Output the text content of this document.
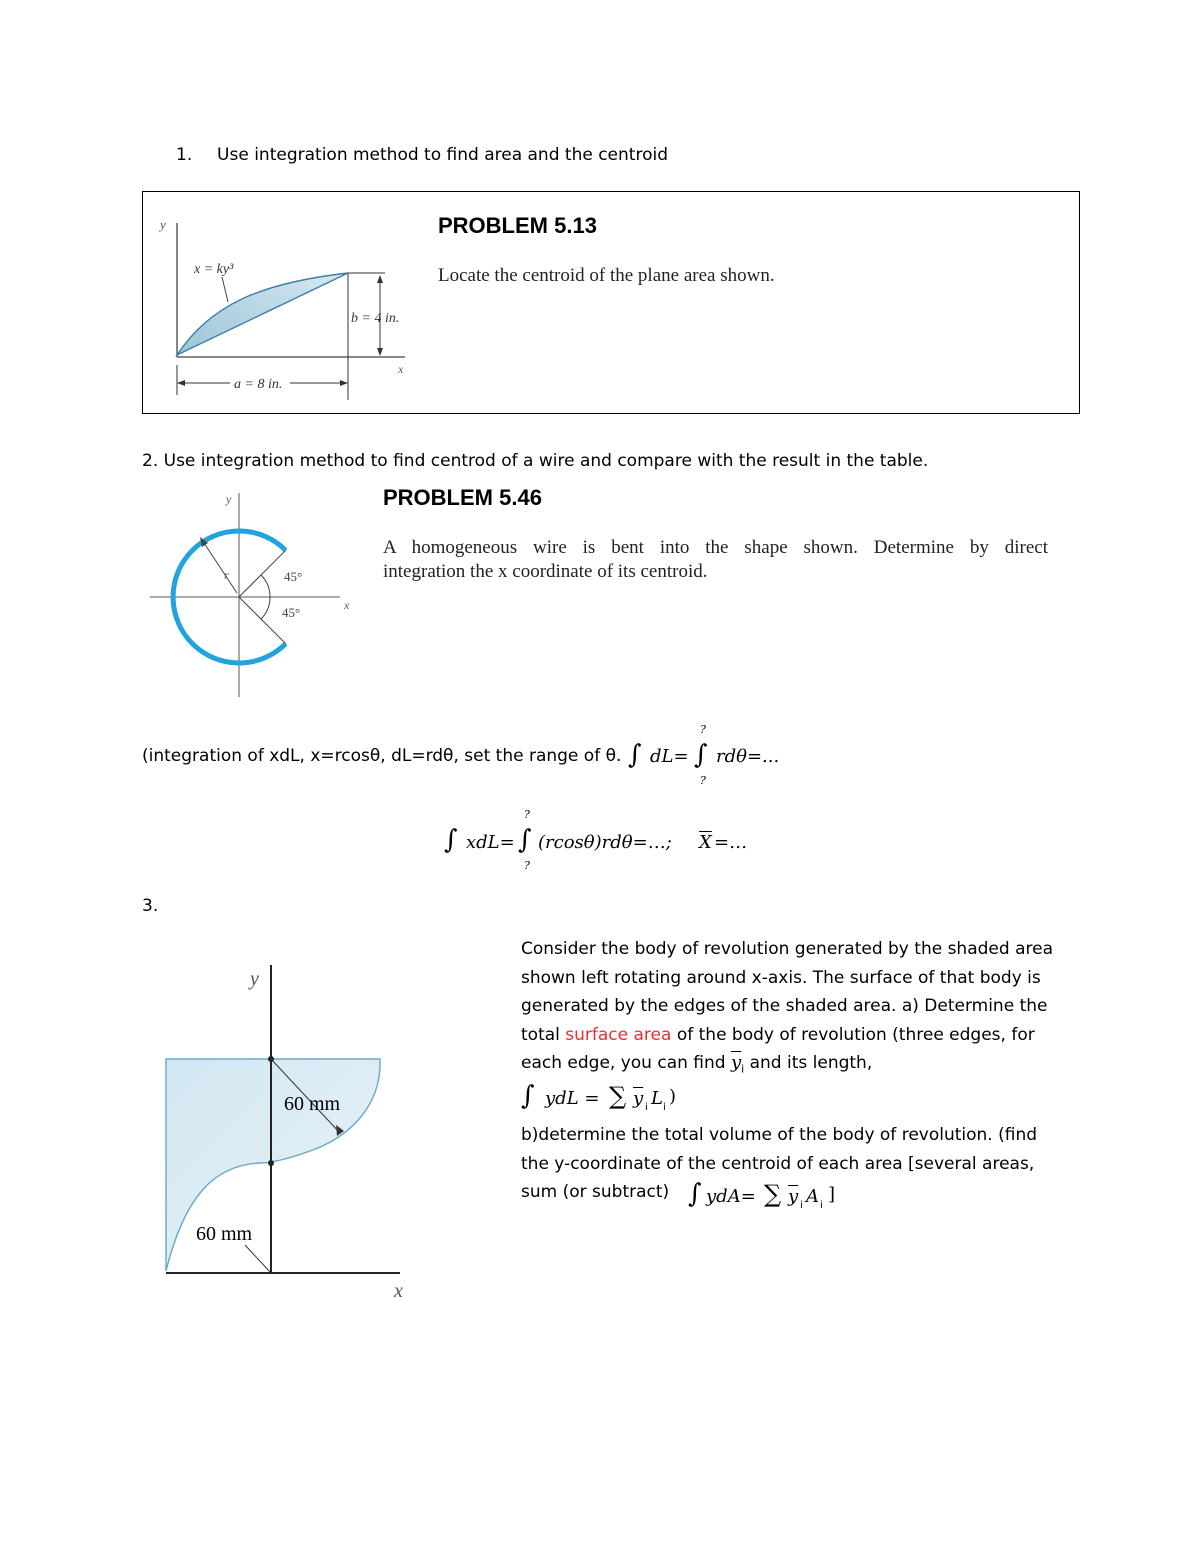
1. Use integration method to find area and the centroid
y
x
x = ky³
b = 4 in.
a = 8 in.
PROBLEM 5.13
Locate the centroid of the plane area shown.
2. Use integration method to find centrod of a wire and compare with the result in the table.
r	45°
45°
y
x
PROBLEM 5.46
A homogeneous wire is bent into the shape shown. Determine by direct
integration the x coordinate of its centroid.
(integration of xdL, x=rcosθ, dL=rdθ, set the range of θ. ∫ dL= ∫
?
?
rdθ=...
∫ xdL= ∫
?
?
(rcosθ)rdθ=…; $\overline{X}$ =…
3.
y
x
60 mm
60 mm
Consider the body of revolution generated by the shaded area shown left rotating around x-axis. The surface of that body is generated by the edges of the shaded area. a) Determine the total surface area of the body of revolution (three edges, for each edge, you can find $\overline{y}_i$ and its length,
∫ ydL = ∑ $\overline{y}$ i L i
)
b)determine the total volume of the body of revolution. (find the y-coordinate of the centroid of each area [several areas, sum (or subtract) ∫ ydA= ∑ $\overline{y}$ i A i
]
